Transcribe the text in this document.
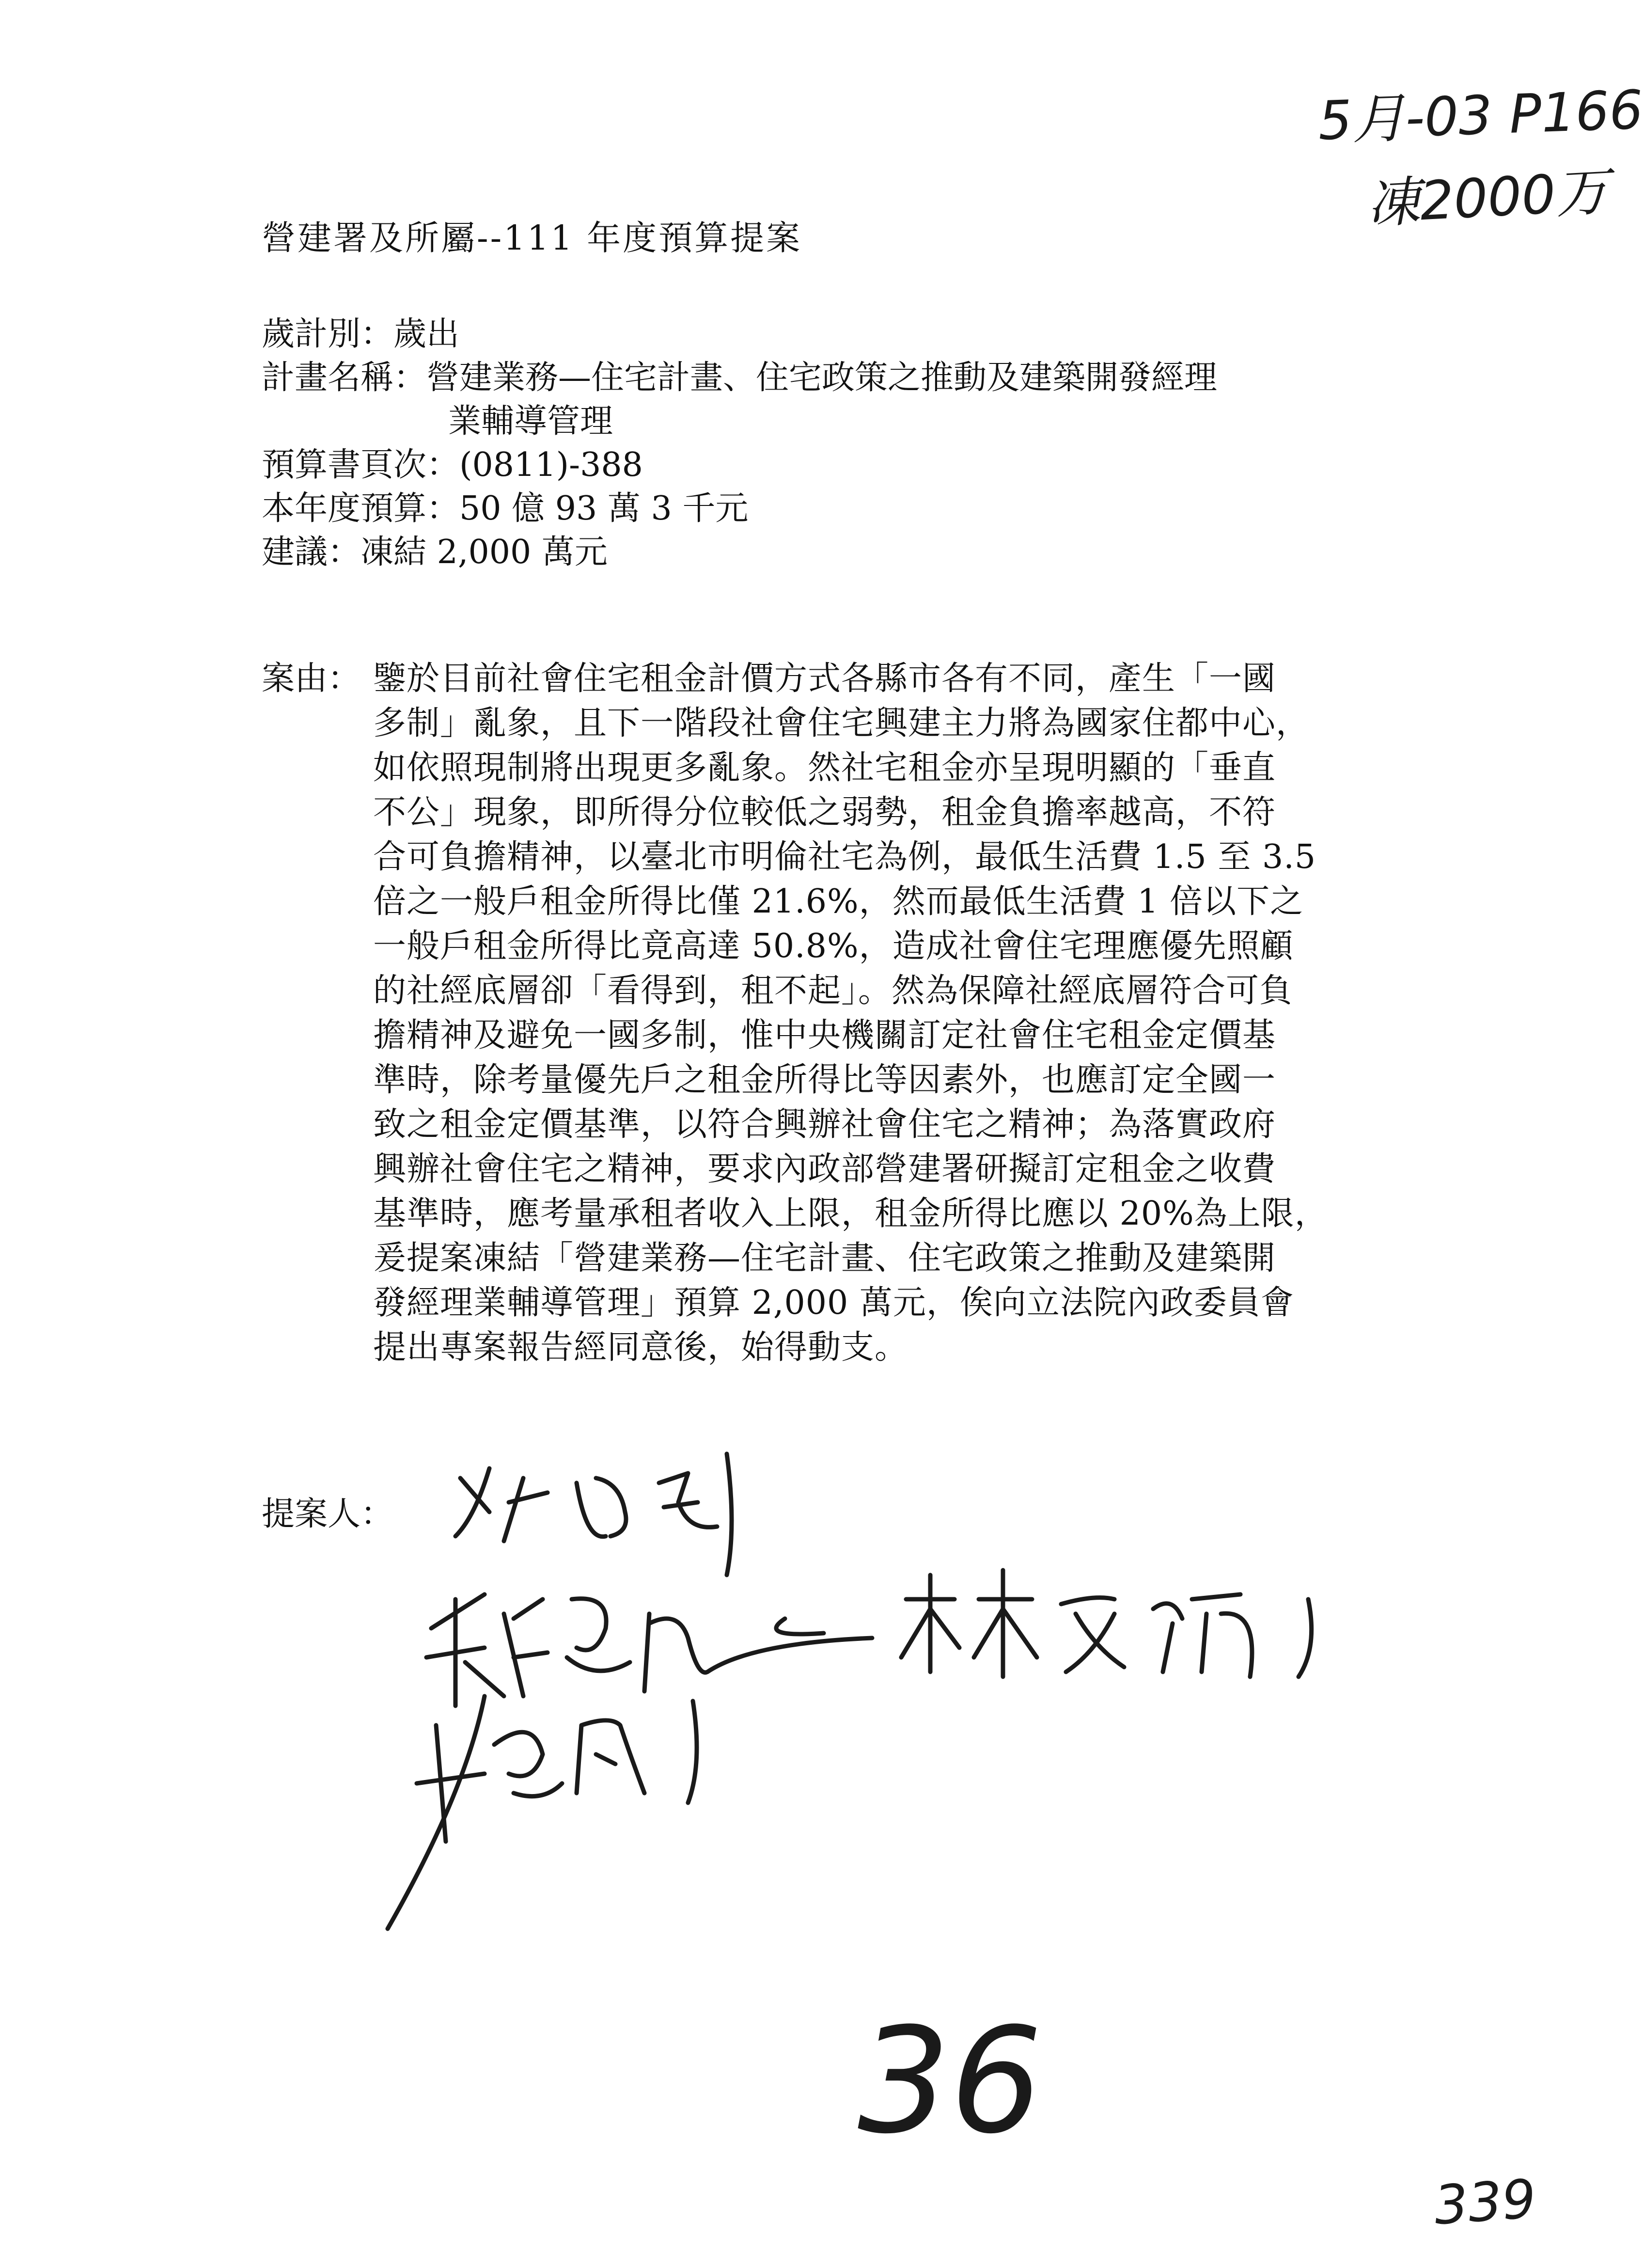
5月-03 P166
凍2000万
營建署及所屬--111 年度預算提案
歲計別：歲出
計畫名稱：營建業務—住宅計畫、住宅政策之推動及建築開發經理
業輔導管理
預算書頁次：(0811)-388
本年度預算：50 億 93 萬 3 千元
建議：凍結 2,000 萬元
案由： 鑒於目前社會住宅租金計價方式各縣市各有不同，產生「一國
多制」亂象，且下一階段社會住宅興建主力將為國家住都中心，
如依照現制將出現更多亂象。然社宅租金亦呈現明顯的「垂直
不公」現象，即所得分位較低之弱勢，租金負擔率越高，不符
合可負擔精神，以臺北市明倫社宅為例，最低生活費 1.5 至 3.5
倍之一般戶租金所得比僅 21.6%，然而最低生活費 1 倍以下之
一般戶租金所得比竟高達 50.8%，造成社會住宅理應優先照顧
的社經底層卻「看得到，租不起」。然為保障社經底層符合可負
擔精神及避免一國多制，惟中央機關訂定社會住宅租金定價基
準時，除考量優先戶之租金所得比等因素外，也應訂定全國一
致之租金定價基準，以符合興辦社會住宅之精神；為落實政府
興辦社會住宅之精神，要求內政部營建署研擬訂定租金之收費
基準時，應考量承租者收入上限，租金所得比應以 20%為上限，
爰提案凍結「營建業務—住宅計畫、住宅政策之推動及建築開
發經理業輔導管理」預算 2,000 萬元，俟向立法院內政委員會
提出專案報告經同意後，始得動支。
提案人：
36
339
